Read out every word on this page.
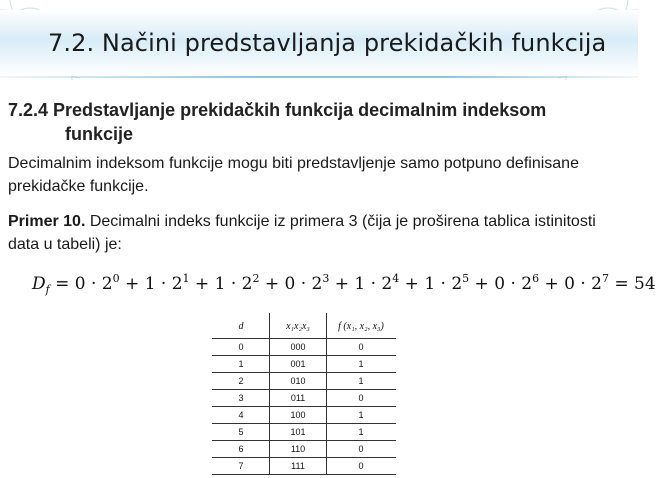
7.2. Načini predstavljanja prekidačkih funkcija
7.2.4 Predstavljanje prekidačkih funkcija decimalnim indeksom
funkcije
Decimalnim indeksom funkcije mogu biti predstavljenje samo potpuno definisane prekidačke funkcije.
Primer 10. Decimalni indeks funkcije iz primera 3 (čija je proširena tablica istinitosti data u tabeli) je:
$D_f = 0 \cdot 2^0 + 1 \cdot 2^1 + 1 \cdot 2^2 + 0 \cdot 2^3 + 1 \cdot 2^4 + 1 \cdot 2^5 + 0 \cdot 2^6 + 0 \cdot 2^7 = 54$
d	x₁x₂x₃	f (x₁, x₂, x₃)
0	000	0
1	001	1
2	010	1
3	011	0
4	100	1
5	101	1
6	110	0
7	111	0
